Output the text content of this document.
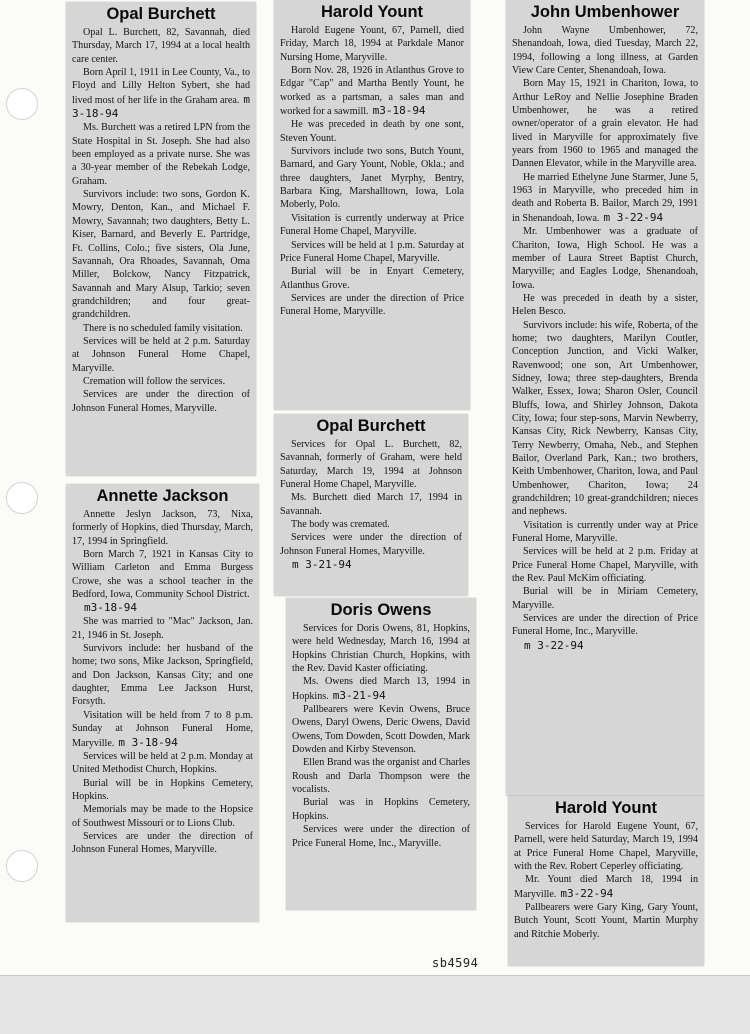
Opal Burchett

Opal L. Burchett, 82, Savannah, died Thursday, March 17, 1994 at a local health care center.

Born April 1, 1911 in Lee County, Va., to Floyd and Lilly Helton Sybert, she had lived most of her life in the Graham area. m 3-18-94

Ms. Burchett was a retired LPN from the State Hospital in St. Joseph. She had also been employed as a private nurse. She was a 30-year member of the Rebekah Lodge, Graham.

Survivors include: two sons, Gordon K. Mowry, Denton, Kan., and Michael F. Mowry, Savannah; two daughters, Betty L. Kiser, Barnard, and Beverly E. Partridge, Ft. Collins, Colo.; five sisters, Ola June, Savannah, Ora Rhoades, Savannah, Oma Miller, Bolckow, Nancy Fitzpatrick, Savannah and Mary Alsup, Tarkio; seven grandchildren; and four great-grandchildren.

There is no scheduled family visitation.

Services will be held at 2 p.m. Saturday at Johnson Funeral Home Chapel, Maryville.

Cremation will follow the services.

Services are under the direction of Johnson Funeral Homes, Maryville.

Annette Jackson

Annette Jeslyn Jackson, 73, Nixa, formerly of Hopkins, died Thursday, March, 17, 1994 in Springfield.

Born March 7, 1921 in Kansas City to William Carleton and Emma Burgess Crowe, she was a school teacher in the Bedford, Iowa, Community School District.

m3-18-94

She was married to "Mac" Jackson, Jan. 21, 1946 in St. Joseph.

Survivors include: her husband of the home; two sons, Mike Jackson, Springfield, and Don Jackson, Kansas City; and one daughter, Emma Lee Jackson Hurst, Forsyth.

Visitation will be held from 7 to 8 p.m. Sunday at Johnson Funeral Home, Maryville. m 3-18-94

Services will be held at 2 p.m. Monday at United Methodist Church, Hopkins.

Burial will be in Hopkins Cemetery, Hopkins.

Memorials may be made to the Hopsice of Southwest Missouri or to Lions Club.

Services are under the direction of Johnson Funeral Homes, Maryville.

Harold Yount

Harold Eugene Yount, 67, Parnell, died Friday, March 18, 1994 at Parkdale Manor Nursing Home, Maryville.

Born Nov. 28, 1926 in Atlanthus Grove to Edgar "Cap" and Martha Bently Yount, he worked as a partsman, a sales man and worked for a sawmill. m3-18-94

He was preceded in death by one sont, Steven Yount.

Survivors include two sons, Butch Yount, Barnard, and Gary Yount, Noble, Okla.; and three daughters, Janet Myrphy, Bentry, Barbara King, Marshalltown, Iowa, Lola Moberly, Polo.

Visitation is currently underway at Price Funeral Home Chapel, Maryville.

Services will be held at 1 p.m. Saturday at Price Funeral Home Chapel, Maryville.

Burial will be in Enyart Cemetery, Atlanthus Grove.

Services are under the direction of Price Funeral Home, Maryville.

Opal Burchett

Services for Opal L. Burchett, 82, Savannah, formerly of Graham, were held Saturday, March 19, 1994 at Johnson Funeral Home Chapel, Maryville.

Ms. Burchett died March 17, 1994 in Savannah.

The body was cremated.

Services were under the direction of Johnson Funeral Homes, Maryville.

m 3-21-94
Doris Owens

Services for Doris Owens, 81, Hopkins, were held Wednesday, March 16, 1994 at Hopkins Christian Church, Hopkins, with the Rev. David Kaster officiating.

Ms. Owens died March 13, 1994 in Hopkins. m3-21-94

Pallbearers were Kevin Owens, Bruce Owens, Daryl Owens, Deric Owens, David Owens, Tom Dowden, Scott Dowden, Mark Dowden and Kirby Stevenson.

Ellen Brand was the organist and Charles Roush and Darla Thompson were the vocalists.

Burial was in Hopkins Cemetery, Hopkins.

Services were under the direction of Price Funeral Home, Inc., Maryville.

John Umbenhower

John Wayne Umbenhower, 72, Shenandoah, Iowa, died Tuesday, March 22, 1994, following a long illness, at Garden View Care Center, Shenandoah, Iowa.

Born May 15, 1921 in Chariton, Iowa, to Arthur LeRoy and Nellie Josephine Braden Umbenhower, he was a retired owner/operator of a grain elevator. He had lived in Maryville for approximately five years from 1960 to 1965 and managed the Dannen Elevator, while in the Maryville area.

He married Ethelyne June Starmer, June 5, 1963 in Maryville, who preceded him in death and Roberta B. Bailor, March 29, 1991 in Shenandoah, Iowa. m 3-22-94

Mr. Umbenhower was a graduate of Chariton, Iowa, High School. He was a member of Laura Street Baptist Church, Maryville; and Eagles Lodge, Shenandoah, Iowa.

He was preceded in death by a sister, Helen Besco.

Survivors include: his wife, Roberta, of the home; two daughters, Marilyn Coutler, Conception Junction, and Vicki Walker, Ravenwood; one son, Art Umbenhower, Sidney, Iowa; three step-daughters, Brenda Walker, Essex, Iowa; Sharon Osler, Council Bluffs, Iowa, and Shirley Johnson, Dakota City, Iowa; four step-sons, Marvin Newberry, Kansas City, Rick Newberry, Kansas City, Terry Newberry, Omaha, Neb., and Stephen Bailor, Overland Park, Kan.; two brothers, Keith Umbenhower, Chariton, Iowa, and Paul Umbenhower, Chariton, Iowa; 24 grandchildren; 10 great-grandchildren; nieces and nephews.

Visitation is currently under way at Price Funeral Home, Maryville.

Services will be held at 2 p.m. Friday at Price Funeral Home Chapel, Maryville, with the Rev. Paul McKim officiating.

Burial will be in Miriam Cemetery, Maryville.

Services are under the direction of Price Funeral Home, Inc., Maryville.

m 3-22-94
Harold Yount

Services for Harold Eugene Yount, 67, Parnell, were held Saturday, March 19, 1994 at Price Funeral Home Chapel, Maryville, with the Rev. Robert Ceperley officiating.

Mr. Yount died March 18, 1994 in Maryville. m3-22-94

Pallbearers were Gary King, Gary Yount, Butch Yount, Scott Yount, Martin Murphy and Ritchie Moberly.

sb4594
